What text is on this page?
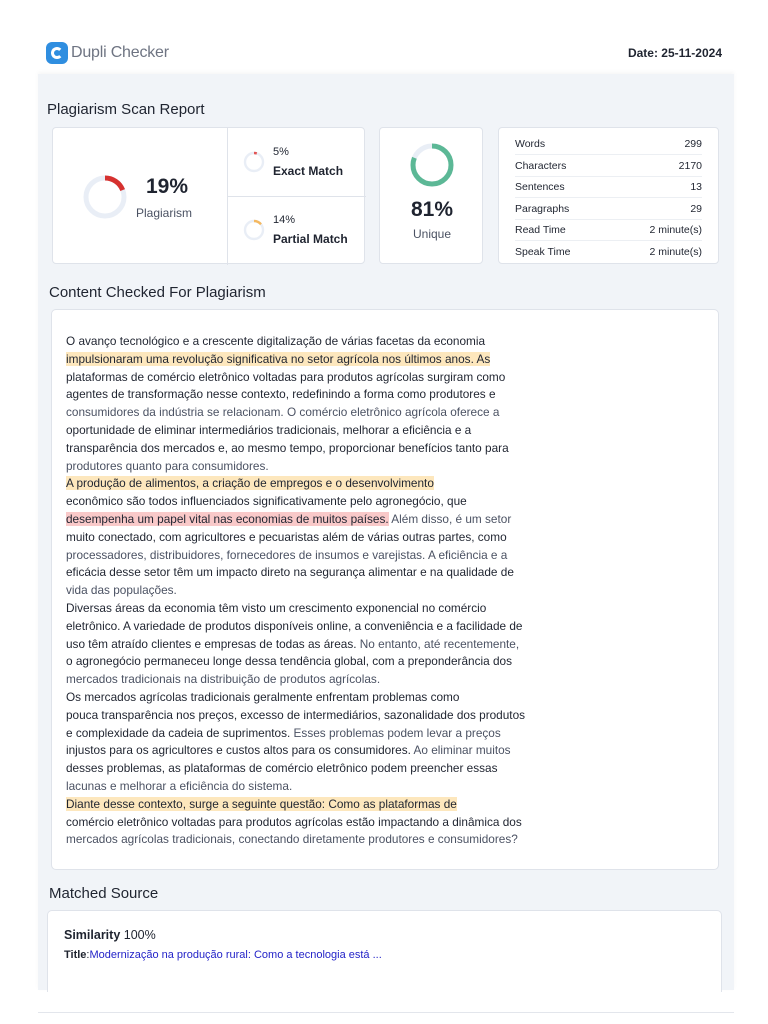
Dupli Checker	Date: 25-11-2024
Plagiarism Scan Report
19%
Plagiarism
5%
Exact Match
14%
Partial Match
81%
Unique
Words	299
Characters	2170
Sentences	13
Paragraphs	29
Read Time	2 minute(s)
Speak Time	2 minute(s)
Content Checked For Plagiarism
O avanço tecnológico e a crescente digitalização de várias facetas da economia
impulsionaram uma revolução significativa no setor agrícola nos últimos anos. As
plataformas de comércio eletrônico voltadas para produtos agrícolas surgiram como
agentes de transformação nesse contexto, redefinindo a forma como produtores e
consumidores da indústria se relacionam. O comércio eletrônico agrícola oferece a
oportunidade de eliminar intermediários tradicionais, melhorar a eficiência e a
transparência dos mercados e, ao mesmo tempo, proporcionar benefícios tanto para
produtores quanto para consumidores.
A produção de alimentos, a criação de empregos e o desenvolvimento
econômico são todos influenciados significativamente pelo agronegócio, que
desempenha um papel vital nas economias de muitos países. Além disso, é um setor
muito conectado, com agricultores e pecuaristas além de várias outras partes, como
processadores, distribuidores, fornecedores de insumos e varejistas. A eficiência e a
eficácia desse setor têm um impacto direto na segurança alimentar e na qualidade de
vida das populações.
Diversas áreas da economia têm visto um crescimento exponencial no comércio
eletrônico. A variedade de produtos disponíveis online, a conveniência e a facilidade de
uso têm atraído clientes e empresas de todas as áreas. No entanto, até recentemente,
o agronegócio permaneceu longe dessa tendência global, com a preponderância dos
mercados tradicionais na distribuição de produtos agrícolas.
Os mercados agrícolas tradicionais geralmente enfrentam problemas como
pouca transparência nos preços, excesso de intermediários, sazonalidade dos produtos
e complexidade da cadeia de suprimentos. Esses problemas podem levar a preços
injustos para os agricultores e custos altos para os consumidores. Ao eliminar muitos
desses problemas, as plataformas de comércio eletrônico podem preencher essas
lacunas e melhorar a eficiência do sistema.
Diante desse contexto, surge a seguinte questão: Como as plataformas de
comércio eletrônico voltadas para produtos agrícolas estão impactando a dinâmica dos
mercados agrícolas tradicionais, conectando diretamente produtores e consumidores?
Matched Source
Similarity 100%
Title:Modernização na produção rural: Como a tecnologia está ...
